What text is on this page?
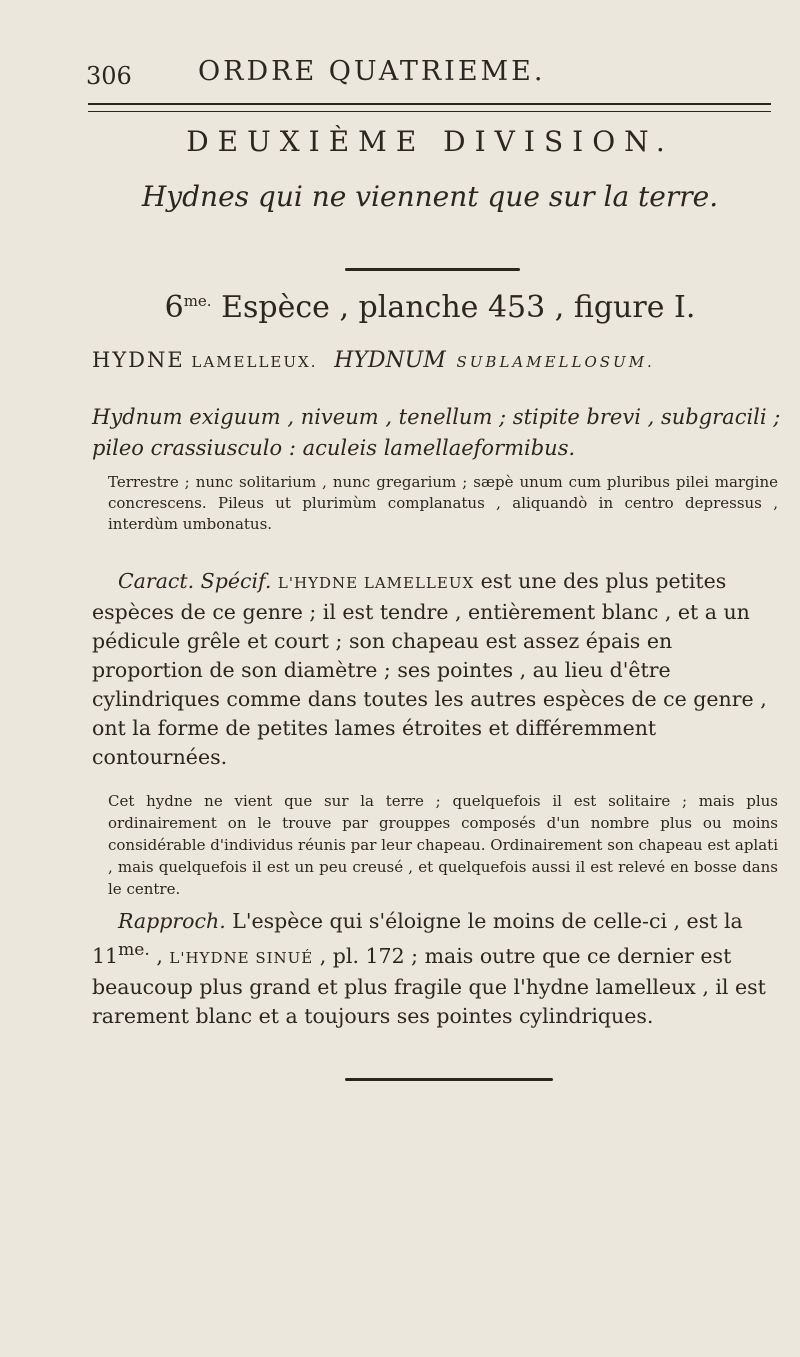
306 ORDRE QUATRIEME.
DEUXIÈME DIVISION.
Hydnes qui ne viennent que sur la terre.
$6^{me.}$ Espèce , planche 453 , figure I.
HYDNE LAMELLEUX. HYDNUM SUBLAMELLOSUM.
Hydnum exiguum , niveum , tenellum ; stipite brevi , subgracili ; pileo crassiusculo : aculeis lamellaeformibus.
Terrestre ; nunc solitarium , nunc gregarium ; sæpè unum cum pluribus pilei margine concrescens. Pileus ut plurimùm complanatus , aliquandò in centro depressus , interdùm umbonatus.
Caract. Spécif. L'HYDNE LAMELLEUX est une des plus petites espèces de ce genre ; il est tendre , entièrement blanc , et a un pédicule grêle et court ; son chapeau est assez épais en proportion de son diamètre ; ses pointes , au lieu d'être cylindriques comme dans toutes les autres espèces de ce genre , ont la forme de petites lames étroites et différemment contournées.
Cet hydne ne vient que sur la terre ; quelquefois il est solitaire ; mais plus ordinairement on le trouve par grouppes composés d'un nombre plus ou moins considérable d'individus réunis par leur chapeau. Ordinairement son chapeau est aplati , mais quelquefois il est un peu creusé , et quelquefois aussi il est relevé en bosse dans le centre.
Rapproch. L'espèce qui s'éloigne le moins de celle-ci , est la $11^{me.}$ , L'HYDNE SINUÉ , pl. 172 ; mais outre que ce dernier est beaucoup plus grand et plus fragile que l'hydne lamelleux , il est rarement blanc et a toujours ses pointes cylindriques.
